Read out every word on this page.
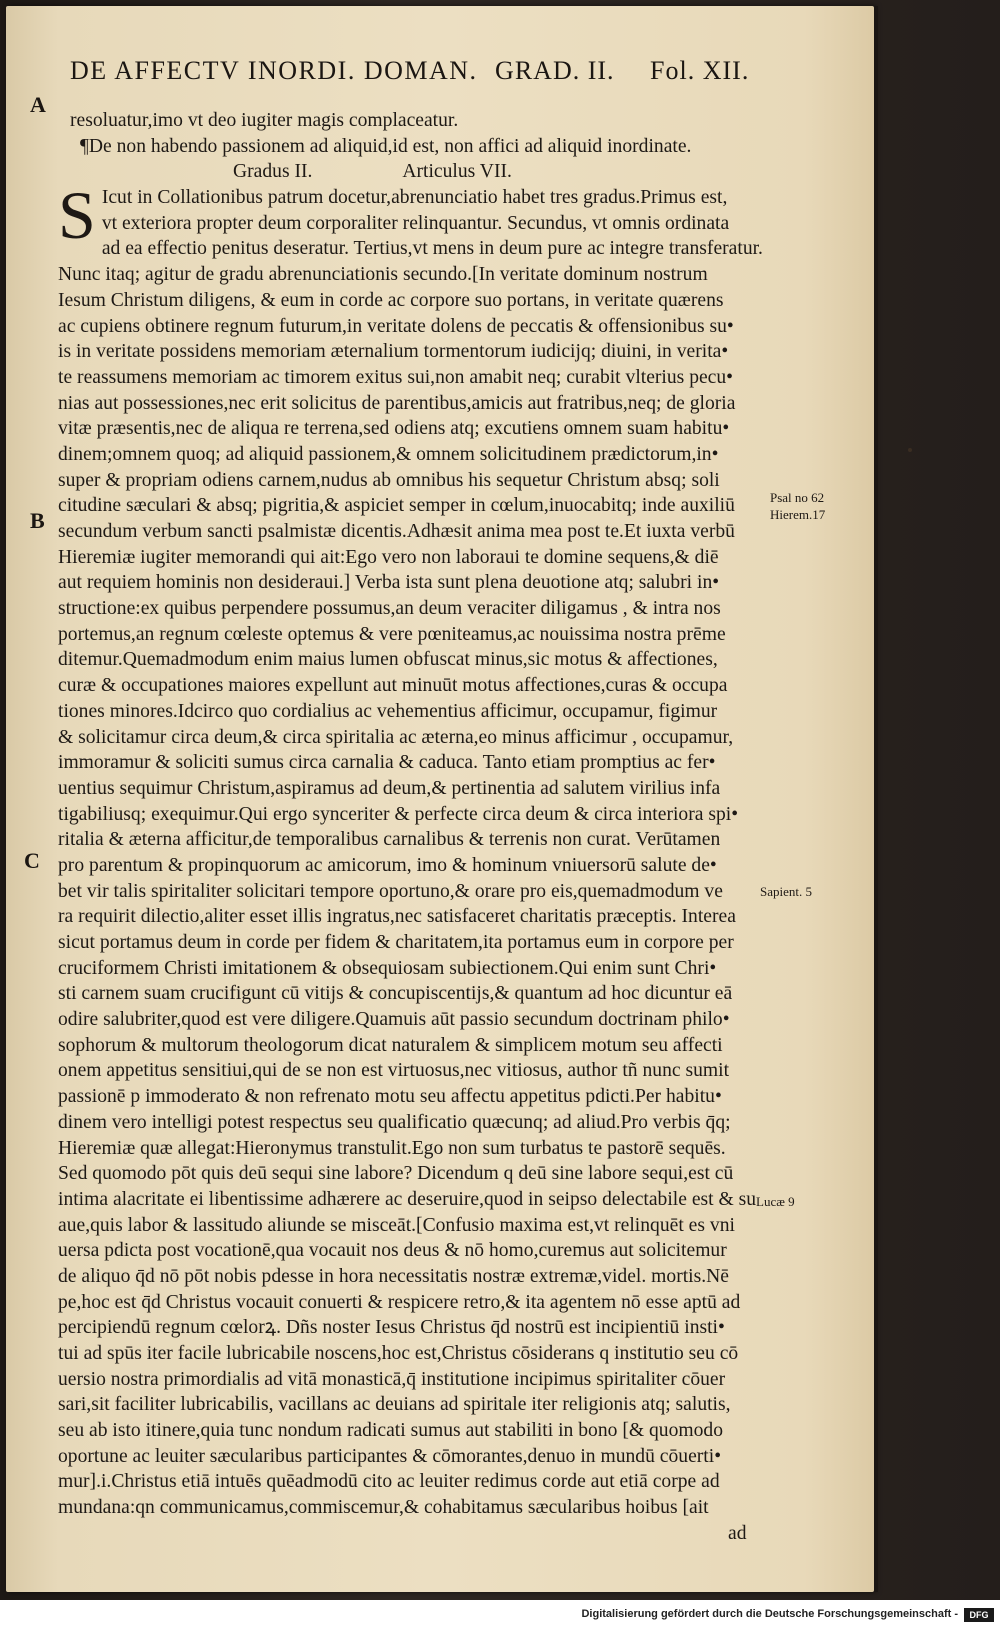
DE AFFECTV INORDI. DOMAN. GRAD. II. Fol. XII.
A
B
C
resoluatur,imo vt deo iugiter magis complaceatur.
¶De non habendo passionem ad aliquid,id est, non affici ad aliquid inordinate.
Gradus II.	Articulus VII.
S Icut in Collationibus patrum docetur,abrenunciatio habet tres gradus.Primus est,
vt exteriora propter deum corporaliter relinquantur. Secundus, vt omnis ordinata
ad ea effectio penitus deseratur. Tertius,vt mens in deum pure ac integre transferatur.
Nunc itaq; agitur de gradu abrenunciationis secundo.[In veritate dominum nostrum
Iesum Christum diligens, & eum in corde ac corpore suo portans, in veritate quærens
ac cupiens obtinere regnum futurum,in veritate dolens de peccatis & offensionibus su•
is in veritate possidens memoriam æternalium tormentorum iudicijq; diuini, in verita•
te reassumens memoriam ac timorem exitus sui,non amabit neq; curabit vlterius pecu•
nias aut possessiones,nec erit solicitus de parentibus,amicis aut fratribus,neq; de gloria
vitæ præsentis,nec de aliqua re terrena,sed odiens atq; excutiens omnem suam habitu•
dinem;omnem quoq; ad aliquid passionem,& omnem solicitudinem prædictorum,in•
super & propriam odiens carnem,nudus ab omnibus his sequetur Christum absq; soli
citudine sæculari & absq; pigritia,& aspiciet semper in cœlum,inuocabitq; inde auxiliū
secundum verbum sancti psalmistæ dicentis.Adhæsit anima mea post te.Et iuxta verbū
Hieremiæ iugiter memorandi qui ait:Ego vero non laboraui te domine sequens,& diē
aut requiem hominis non desideraui.] Verba ista sunt plena deuotione atq; salubri in•
structione:ex quibus perpendere possumus,an deum veraciter diligamus , & intra nos
portemus,an regnum cœleste optemus & vere pœniteamus,ac nouissima nostra prēme
ditemur.Quemadmodum enim maius lumen obfuscat minus,sic motus & affectiones,
curæ & occupationes maiores expellunt aut minuūt motus affectiones,curas & occupa
tiones minores.Idcirco quo cordialius ac vehementius afficimur, occupamur, figimur
& solicitamur circa deum,& circa spiritalia ac æterna,eo minus afficimur , occupamur,
immoramur & soliciti sumus circa carnalia & caduca. Tanto etiam promptius ac fer•
uentius sequimur Christum,aspiramus ad deum,& pertinentia ad salutem virilius infa
tigabiliusq; exequimur.Qui ergo synceriter & perfecte circa deum & circa interiora spi•
ritalia & æterna afficitur,de temporalibus carnalibus & terrenis non curat. Verūtamen
pro parentum & propinquorum ac amicorum, imo & hominum vniuersorū salute de•
bet vir talis spiritaliter solicitari tempore oportuno,& orare pro eis,quemadmodum ve
ra requirit dilectio,aliter esset illis ingratus,nec satisfaceret charitatis præceptis. Interea
sicut portamus deum in corde per fidem & charitatem,ita portamus eum in corpore per
cruciformem Christi imitationem & obsequiosam subiectionem.Qui enim sunt Chri•
sti carnem suam crucifigunt cū vitijs & concupiscentijs,& quantum ad hoc dicuntur eā
odire salubriter,quod est vere diligere.Quamuis aūt passio secundum doctrinam philo•
sophorum & multorum theologorum dicat naturalem & simplicem motum seu affecti
onem appetitus sensitiui,qui de se non est virtuosus,nec vitiosus, author tñ nunc sumit
passionē p immoderato & non refrenato motu seu affectu appetitus pdicti.Per habitu•
dinem vero intelligi potest respectus seu qualificatio quæcunq; ad aliud.Pro verbis q̄q;
Hieremiæ quæ allegat:Hieronymus transtulit.Ego non sum turbatus te pastorē sequēs.
Sed quomodo pōt quis deū sequi sine labore? Dicendum q deū sine labore sequi,est cū
intima alacritate ei libentissime adhærere ac deseruire,quod in seipso delectabile est & su
aue,quis labor & lassitudo aliunde se misceāt.[Confusio maxima est,vt relinquēt es vni
uersa pdicta post vocationē,qua vocauit nos deus & nō homo,curemus aut solicitemur
de aliquo q̄d nō pōt nobis pdesse in hora necessitatis nostræ extremæ,videl. mortis.Nē
pe,hoc est q̄d Christus vocauit conuerti & respicere retro,& ita agentem nō esse aptū ad
percipiendū regnum cœlorꝝ. Dñs noster Iesus Christus q̄d nostrū est incipientiū insti•
tui ad spūs iter facile lubricabile noscens,hoc est,Christus cōsiderans q institutio seu cō
uersio nostra primordialis ad vitā monasticā,q̄ institutione incipimus spiritaliter cōuer
sari,sit faciliter lubricabilis, vacillans ac deuians ad spiritale iter religionis atq; salutis,
seu ab isto itinere,quia tunc nondum radicati sumus aut stabiliti in bono [& quomodo
oportune ac leuiter sæcularibus participantes & cōmorantes,denuo in mundū cōuerti•
mur].i.Christus etiā intuēs quēadmodū cito ac leuiter redimus corde aut etiā corpe ad
mundana:qn communicamus,commiscemur,& cohabitamus sæcularibus hoibus [ait
ad
Psal no 62
Hierem.17
Sapient. 5
Lucæ 9
Digitalisierung gefördert durch die Deutsche Forschungsgemeinschaft -	DFG
